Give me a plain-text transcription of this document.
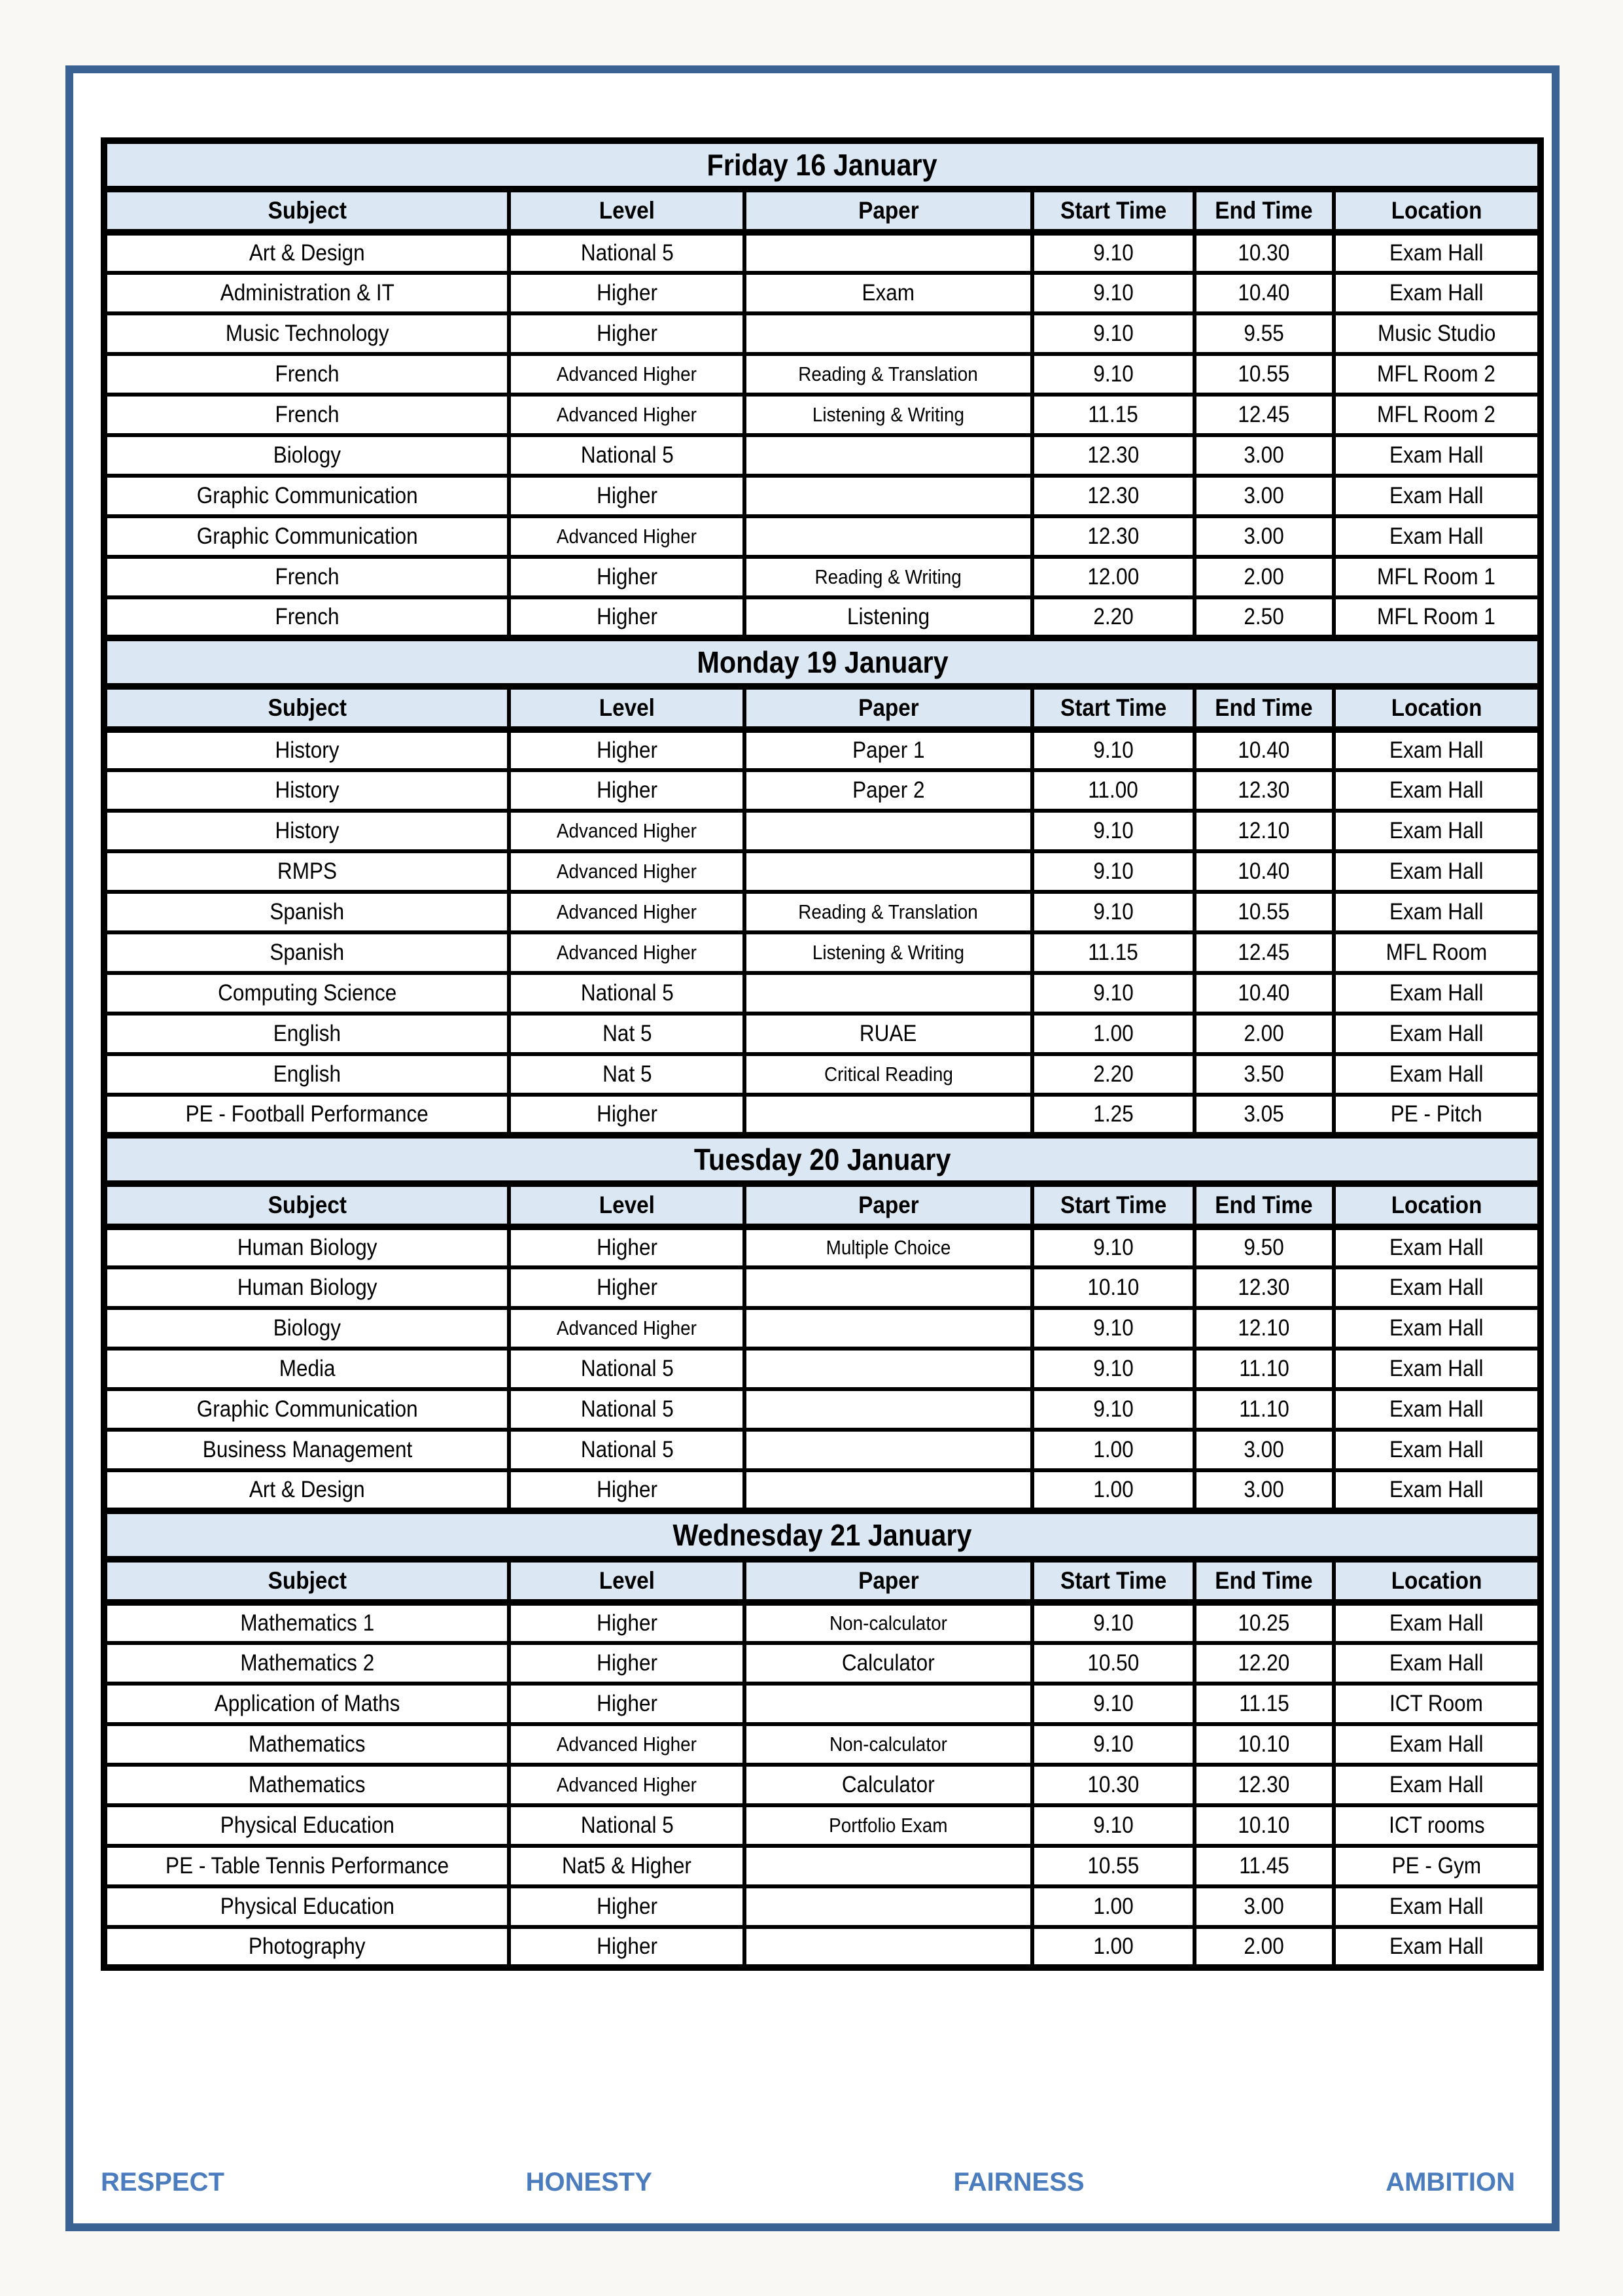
Friday 16 January					
Subject	Level	Paper	Start Time	End Time	Location
Art & Design	National 5		9.10	10.30	Exam Hall
Administration & IT	Higher	Exam	9.10	10.40	Exam Hall
Music Technology	Higher		9.10	9.55	Music Studio
French	Advanced Higher	Reading & Translation	9.10	10.55	MFL Room 2
French	Advanced Higher	Listening & Writing	11.15	12.45	MFL Room 2
Biology	National 5		12.30	3.00	Exam Hall
Graphic Communication	Higher		12.30	3.00	Exam Hall
Graphic Communication	Advanced Higher		12.30	3.00	Exam Hall
French	Higher	Reading & Writing	12.00	2.00	MFL Room 1
French	Higher	Listening	2.20	2.50	MFL Room 1
Monday 19 January					
Subject	Level	Paper	Start Time	End Time	Location
History	Higher	Paper 1	9.10	10.40	Exam Hall
History	Higher	Paper 2	11.00	12.30	Exam Hall
History	Advanced Higher		9.10	12.10	Exam Hall
RMPS	Advanced Higher		9.10	10.40	Exam Hall
Spanish	Advanced Higher	Reading & Translation	9.10	10.55	Exam Hall
Spanish	Advanced Higher	Listening & Writing	11.15	12.45	MFL Room
Computing Science	National 5		9.10	10.40	Exam Hall
English	Nat 5	RUAE	1.00	2.00	Exam Hall
English	Nat 5	Critical Reading	2.20	3.50	Exam Hall
PE - Football Performance	Higher		1.25	3.05	PE - Pitch
Tuesday 20 January					
Subject	Level	Paper	Start Time	End Time	Location
Human Biology	Higher	Multiple Choice	9.10	9.50	Exam Hall
Human Biology	Higher		10.10	12.30	Exam Hall
Biology	Advanced Higher		9.10	12.10	Exam Hall
Media	National 5		9.10	11.10	Exam Hall
Graphic Communication	National 5		9.10	11.10	Exam Hall
Business Management	National 5		1.00	3.00	Exam Hall
Art & Design	Higher		1.00	3.00	Exam Hall
Wednesday 21 January					
Subject	Level	Paper	Start Time	End Time	Location
Mathematics 1	Higher	Non-calculator	9.10	10.25	Exam Hall
Mathematics 2	Higher	Calculator	10.50	12.20	Exam Hall
Application of Maths	Higher		9.10	11.15	ICT Room
Mathematics	Advanced Higher	Non-calculator	9.10	10.10	Exam Hall
Mathematics	Advanced Higher	Calculator	10.30	12.30	Exam Hall
Physical Education	National 5	Portfolio Exam	9.10	10.10	ICT rooms
PE - Table Tennis Performance	Nat5 & Higher		10.55	11.45	PE - Gym
Physical Education	Higher		1.00	3.00	Exam Hall
Photography	Higher		1.00	2.00	Exam Hall
RESPECT	HONESTY	FAIRNESS	AMBITION
